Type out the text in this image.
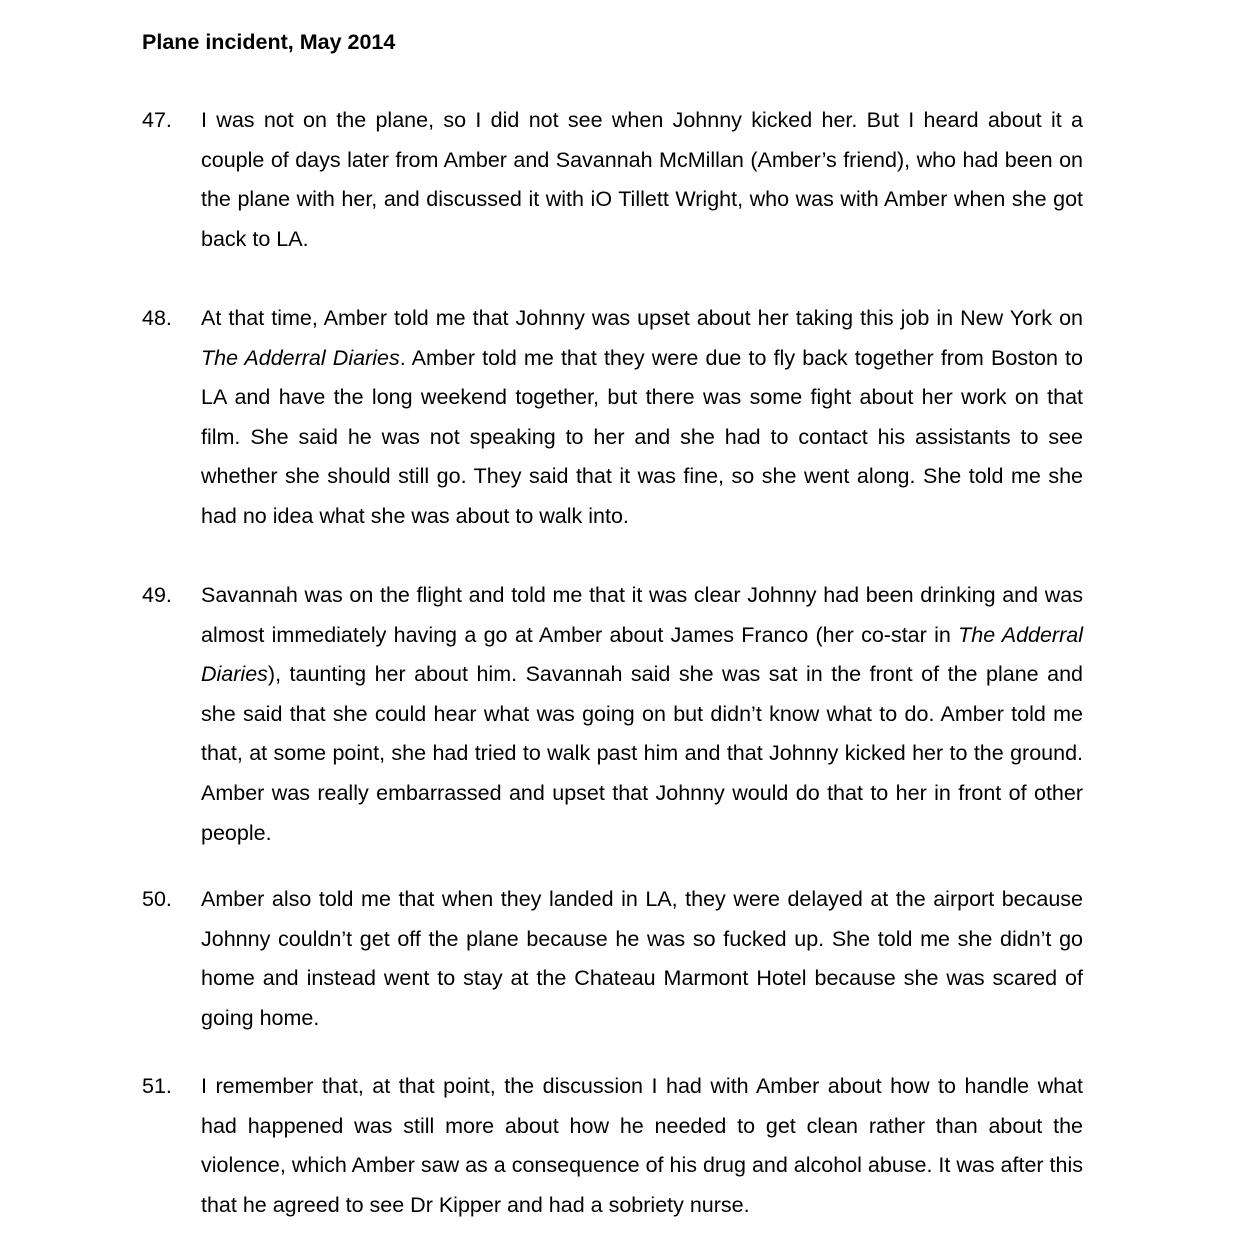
Plane incident, May 2014
47.	I was not on the plane, so I did not see when Johnny kicked her. But I heard about it a couple of days later from Amber and Savannah McMillan (Amber’s friend), who had been on the plane with her, and discussed it with iO Tillett Wright, who was with Amber when she got back to LA.
48.	At that time, Amber told me that Johnny was upset about her taking this job in New York on The Adderral Diaries. Amber told me that they were due to fly back together from Boston to LA and have the long weekend together, but there was some fight about her work on that film. She said he was not speaking to her and she had to contact his assistants to see whether she should still go. They said that it was fine, so she went along. She told me she had no idea what she was about to walk into.
49.	Savannah was on the flight and told me that it was clear Johnny had been drinking and was almost immediately having a go at Amber about James Franco (her co-star in The Adderral Diaries), taunting her about him. Savannah said she was sat in the front of the plane and she said that she could hear what was going on but didn’t know what to do. Amber told me that, at some point, she had tried to walk past him and that Johnny kicked her to the ground. Amber was really embarrassed and upset that Johnny would do that to her in front of other people.
50.	Amber also told me that when they landed in LA, they were delayed at the airport because Johnny couldn’t get off the plane because he was so fucked up. She told me she didn’t go home and instead went to stay at the Chateau Marmont Hotel because she was scared of going home.
51.	I remember that, at that point, the discussion I had with Amber about how to handle what had happened was still more about how he needed to get clean rather than about the violence, which Amber saw as a consequence of his drug and alcohol abuse. It was after this that he agreed to see Dr Kipper and had a sobriety nurse.
